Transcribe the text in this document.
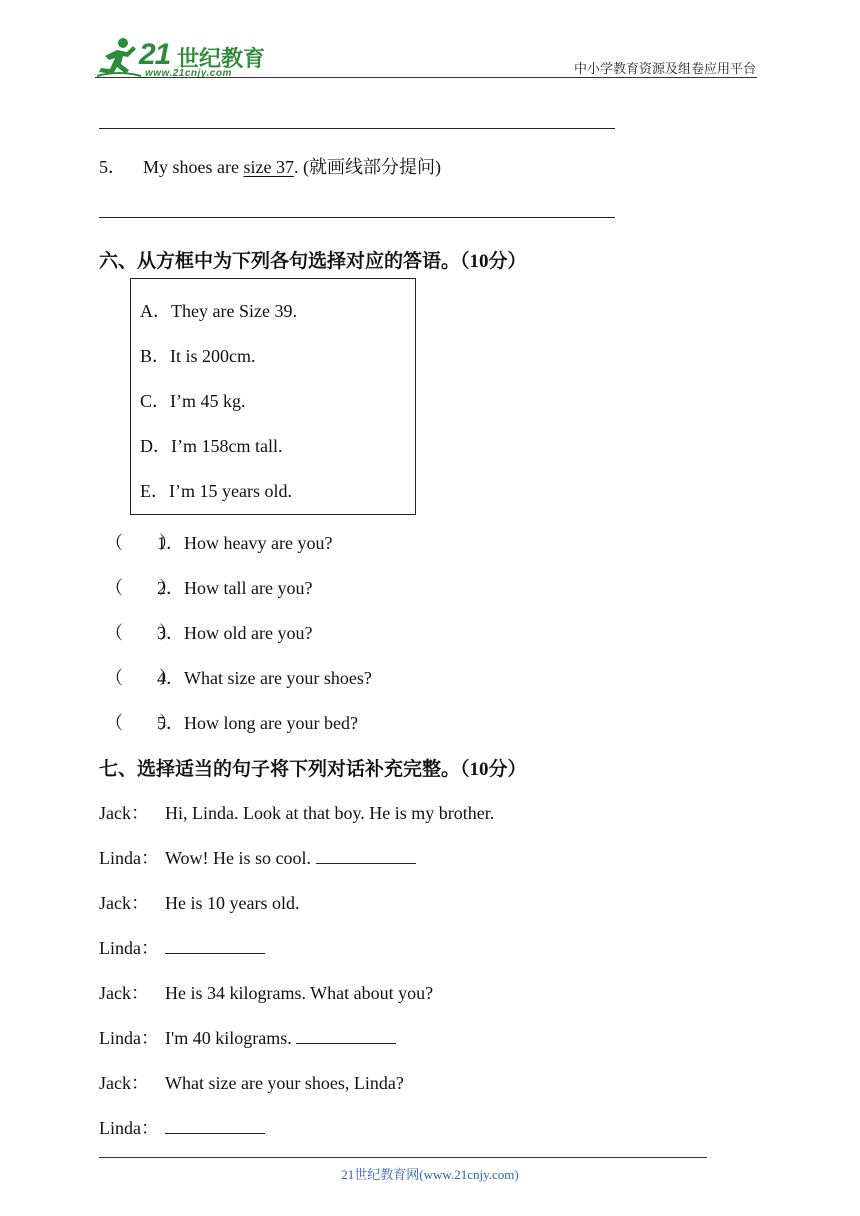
21 世纪教育
www.21cnjy.com	中小学教育资源及组卷应用平台
5． My shoes are size 37. (就画线部分提问)
六、从方框中为下列各句选择对应的答语。（10分）
A．They are Size 39.
B．It is 200cm.
C．I’m 45 kg.
D．I’m 158cm tall.
E．I’m 15 years old.
（　　）1．How heavy are you?
（　　）2．How tall are you?
（　　）3．How old are you?
（　　）4．What size are your shoes?
（　　）5．How long are your bed?
七、选择适当的句子将下列对话补充完整。（10分）
Jack： Hi, Linda. Look at that boy. He is my brother.
Linda： Wow! He is so cool.
Jack： He is 10 years old.
Linda：
Jack： He is 34 kilograms. What about you?
Linda： I'm 40 kilograms.
Jack： What size are your shoes, Linda?
Linda：
21世纪教育网(www.21cnjy.com)
